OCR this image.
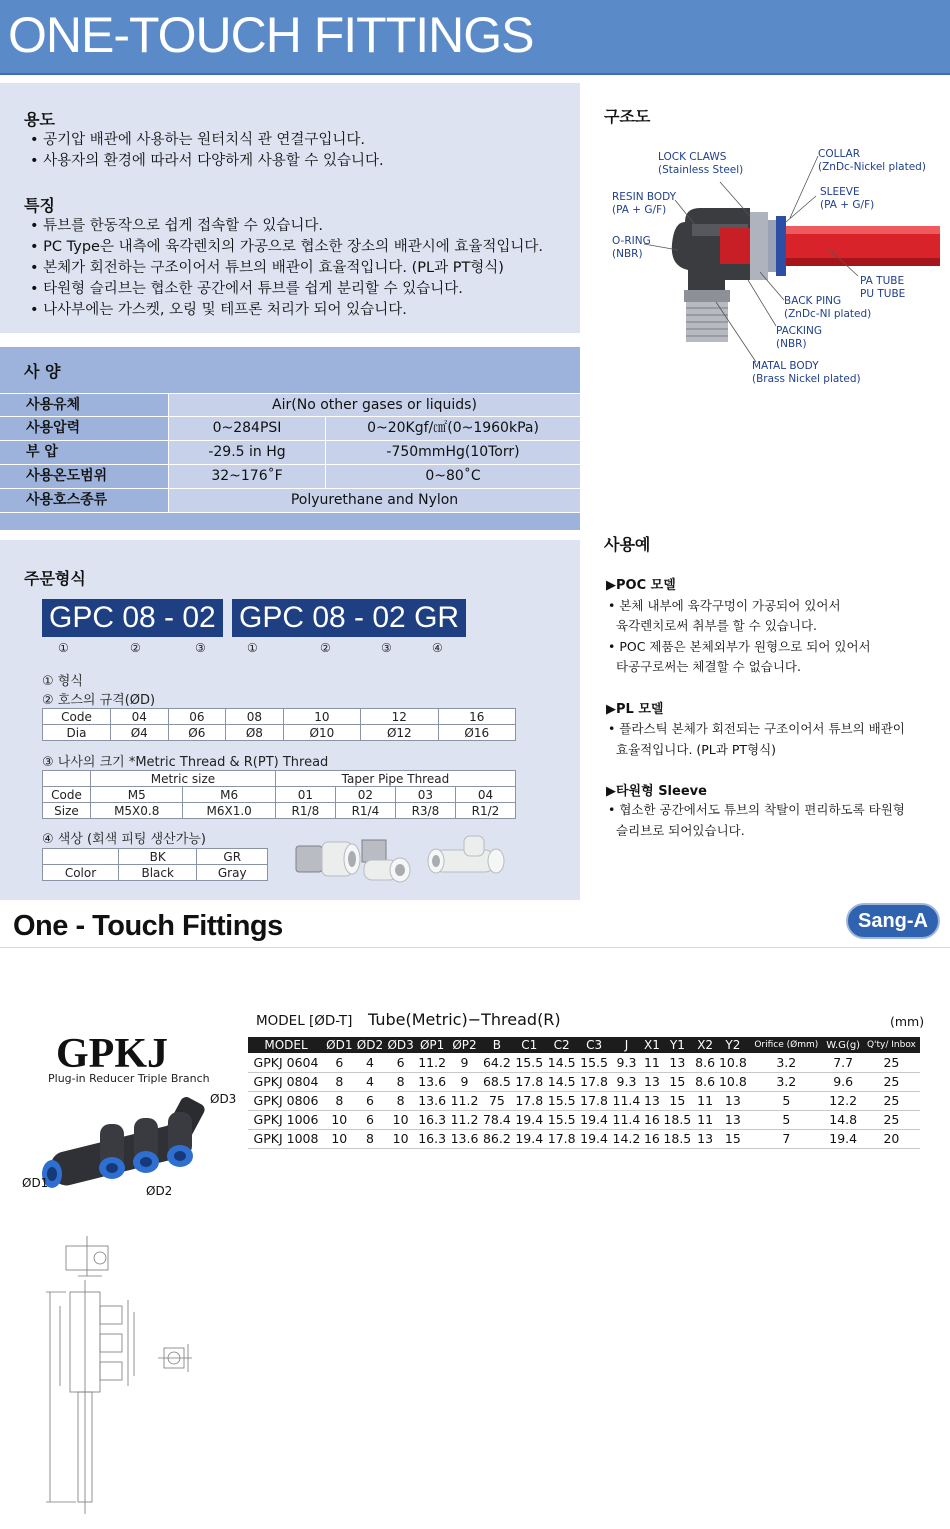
ONE-TOUCH FITTINGS
용도
• 공기압 배관에 사용하는 원터치식 관 연결구입니다.
• 사용자의 환경에 따라서 다양하게 사용할 수 있습니다.
특징
• 튜브를 한동작으로 쉽게 접속할 수 있습니다.
• PC Type은 내측에 육각렌치의 가공으로 협소한 장소의 배관시에 효율적입니다.
• 본체가 회전하는 구조이어서 튜브의 배관이 효율적입니다. (PL과 PT형식)
• 타원형 슬리브는 협소한 공간에서 튜브를 쉽게 분리할 수 있습니다.
• 나사부에는 가스켓, 오링 및 테프론 처리가 되어 있습니다.
사 양
사용유체	Air(No other gases or liquids)
사용압력	0~284PSI	0~20Kgf/㎠(0~1960kPa)
부 압	-29.5 in Hg	-750mmHg(10Torr)
사용온도범위	32~176˚F	0~80˚C
사용호스종류	Polyurethane and Nylon
주문형식
GPC 08 - 02 GPC 08 - 02 GR
①	②	③	①	②	③	④
① 형식
② 호스의 규격(ØD)
Code	04	06	08	10	12	16
Dia	Ø4	Ø6	Ø8	Ø10	Ø12	Ø16
③ 나사의 크기 *Metric Thread & R(PT) Thread
	Metric size		Taper Pipe Thread			
Code	M5	M6	01	02	03	04
Size	M5X0.8	M6X1.0	R1/8	R1/4	R3/8	R1/2
④ 색상 (회색 피팅 생산가능)
	BK	GR
Color	Black	Gray
구조도
LOCK CLAWS
(Stainless Steel)
COLLAR
(ZnDc-Nickel plated)
RESIN BODY
(PA + G/F)
SLEEVE
(PA + G/F)
O-RING
(NBR)
PA TUBE
PU TUBE
BACK PING
(ZnDc-NI plated)
PACKING
(NBR)
MATAL BODY
(Brass Nickel plated)
사용예
▶POC 모델
• 본체 내부에 육각구멍이 가공되어 있어서
육각렌치로써 취부를 할 수 있습니다.
• POC 제품은 본체외부가 원형으로 되어 있어서
타공구로써는 체결할 수 없습니다.
▶PL 모델
• 플라스틱 본체가 회전되는 구조이어서 튜브의 배관이
효율적입니다. (PL과 PT형식)
▶타원형 Sleeve
• 협소한 공간에서도 튜브의 착탈이 편리하도록 타원형
슬리브로 되어있습니다.
One - Touch Fittings	Sang-A
GPKJ
Plug-in Reducer Triple Branch
ØD3
ØD1
ØD2
MODEL [ØD-T] Tube(Metric)−Thread(R)	(mm)
MODEL	ØD1	ØD2	ØD3	ØP1	ØP2	B	C1	C2	C3	J	X1	Y1	X2	Y2	Orifice (Ømm)	W.G(g)	Q'ty/ Inbox
GPKJ 0604	6	4	6	11.2	9	64.2	15.5	14.5	15.5	9.3	11	13	8.6	10.8	3.2	7.7	25
GPKJ 0804	8	4	8	13.6	9	68.5	17.8	14.5	17.8	9.3	13	15	8.6	10.8	3.2	9.6	25
GPKJ 0806	8	6	8	13.6	11.2	75	17.8	15.5	17.8	11.4	13	15	11	13	5	12.2	25
GPKJ 1006	10	6	10	16.3	11.2	78.4	19.4	15.5	19.4	11.4	16	18.5	11	13	5	14.8	25
GPKJ 1008	10	8	10	16.3	13.6	86.2	19.4	17.8	19.4	14.2	16	18.5	13	15	7	19.4	20
